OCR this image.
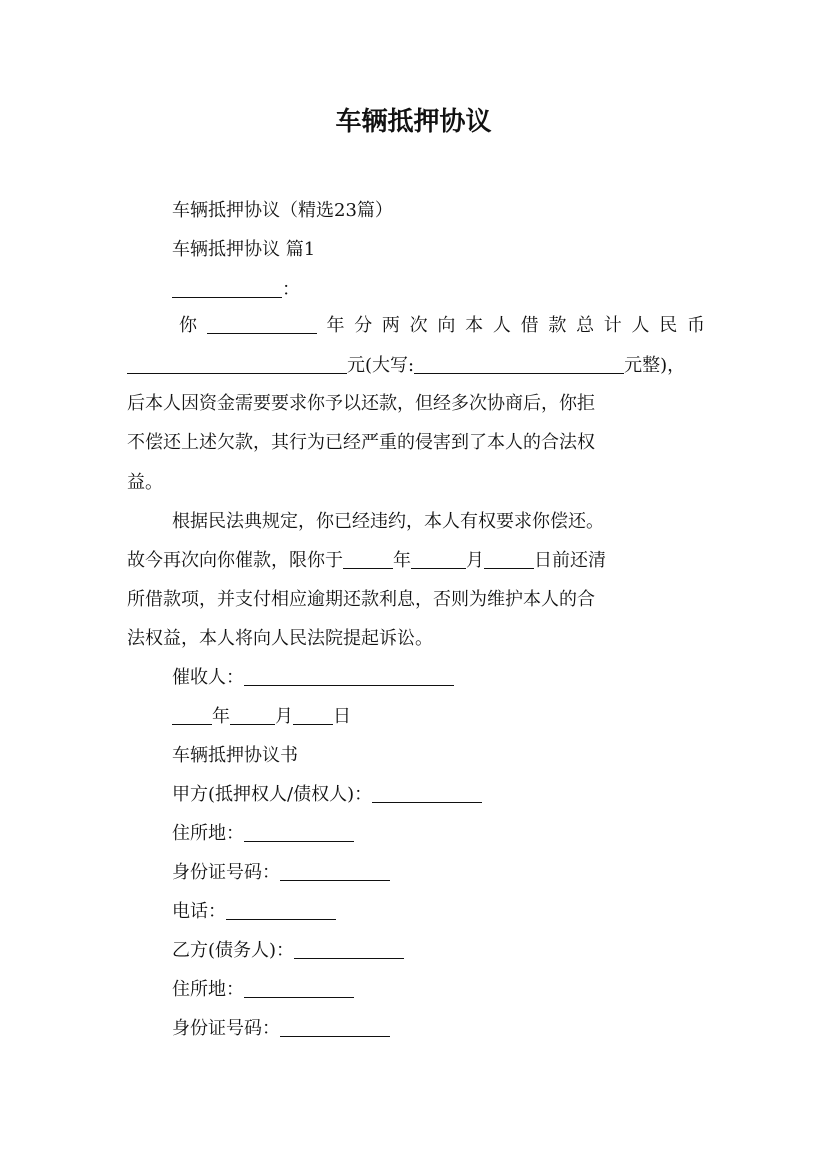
车辆抵押协议
车辆抵押协议（精选23篇）
车辆抵押协议 篇1
：
你	年分两次向本人借款总计人民币
元(大写:	元整)，
后本人因资金需要要求你予以还款，但经多次协商后，你拒
不偿还上述欠款，其行为已经严重的侵害到了本人的合法权
益。
根据民法典规定，你已经违约，本人有权要求你偿还。
故今再次向你催款，限你于	年	月	日前还清
所借款项，并支付相应逾期还款利息，否则为维护本人的合
法权益，本人将向人民法院提起诉讼。
催收人：
年	月 日
车辆抵押协议书
甲方(抵押权人/债权人)：
住所地：
身份证号码：
电话：
乙方(债务人)：
住所地：
身份证号码：
